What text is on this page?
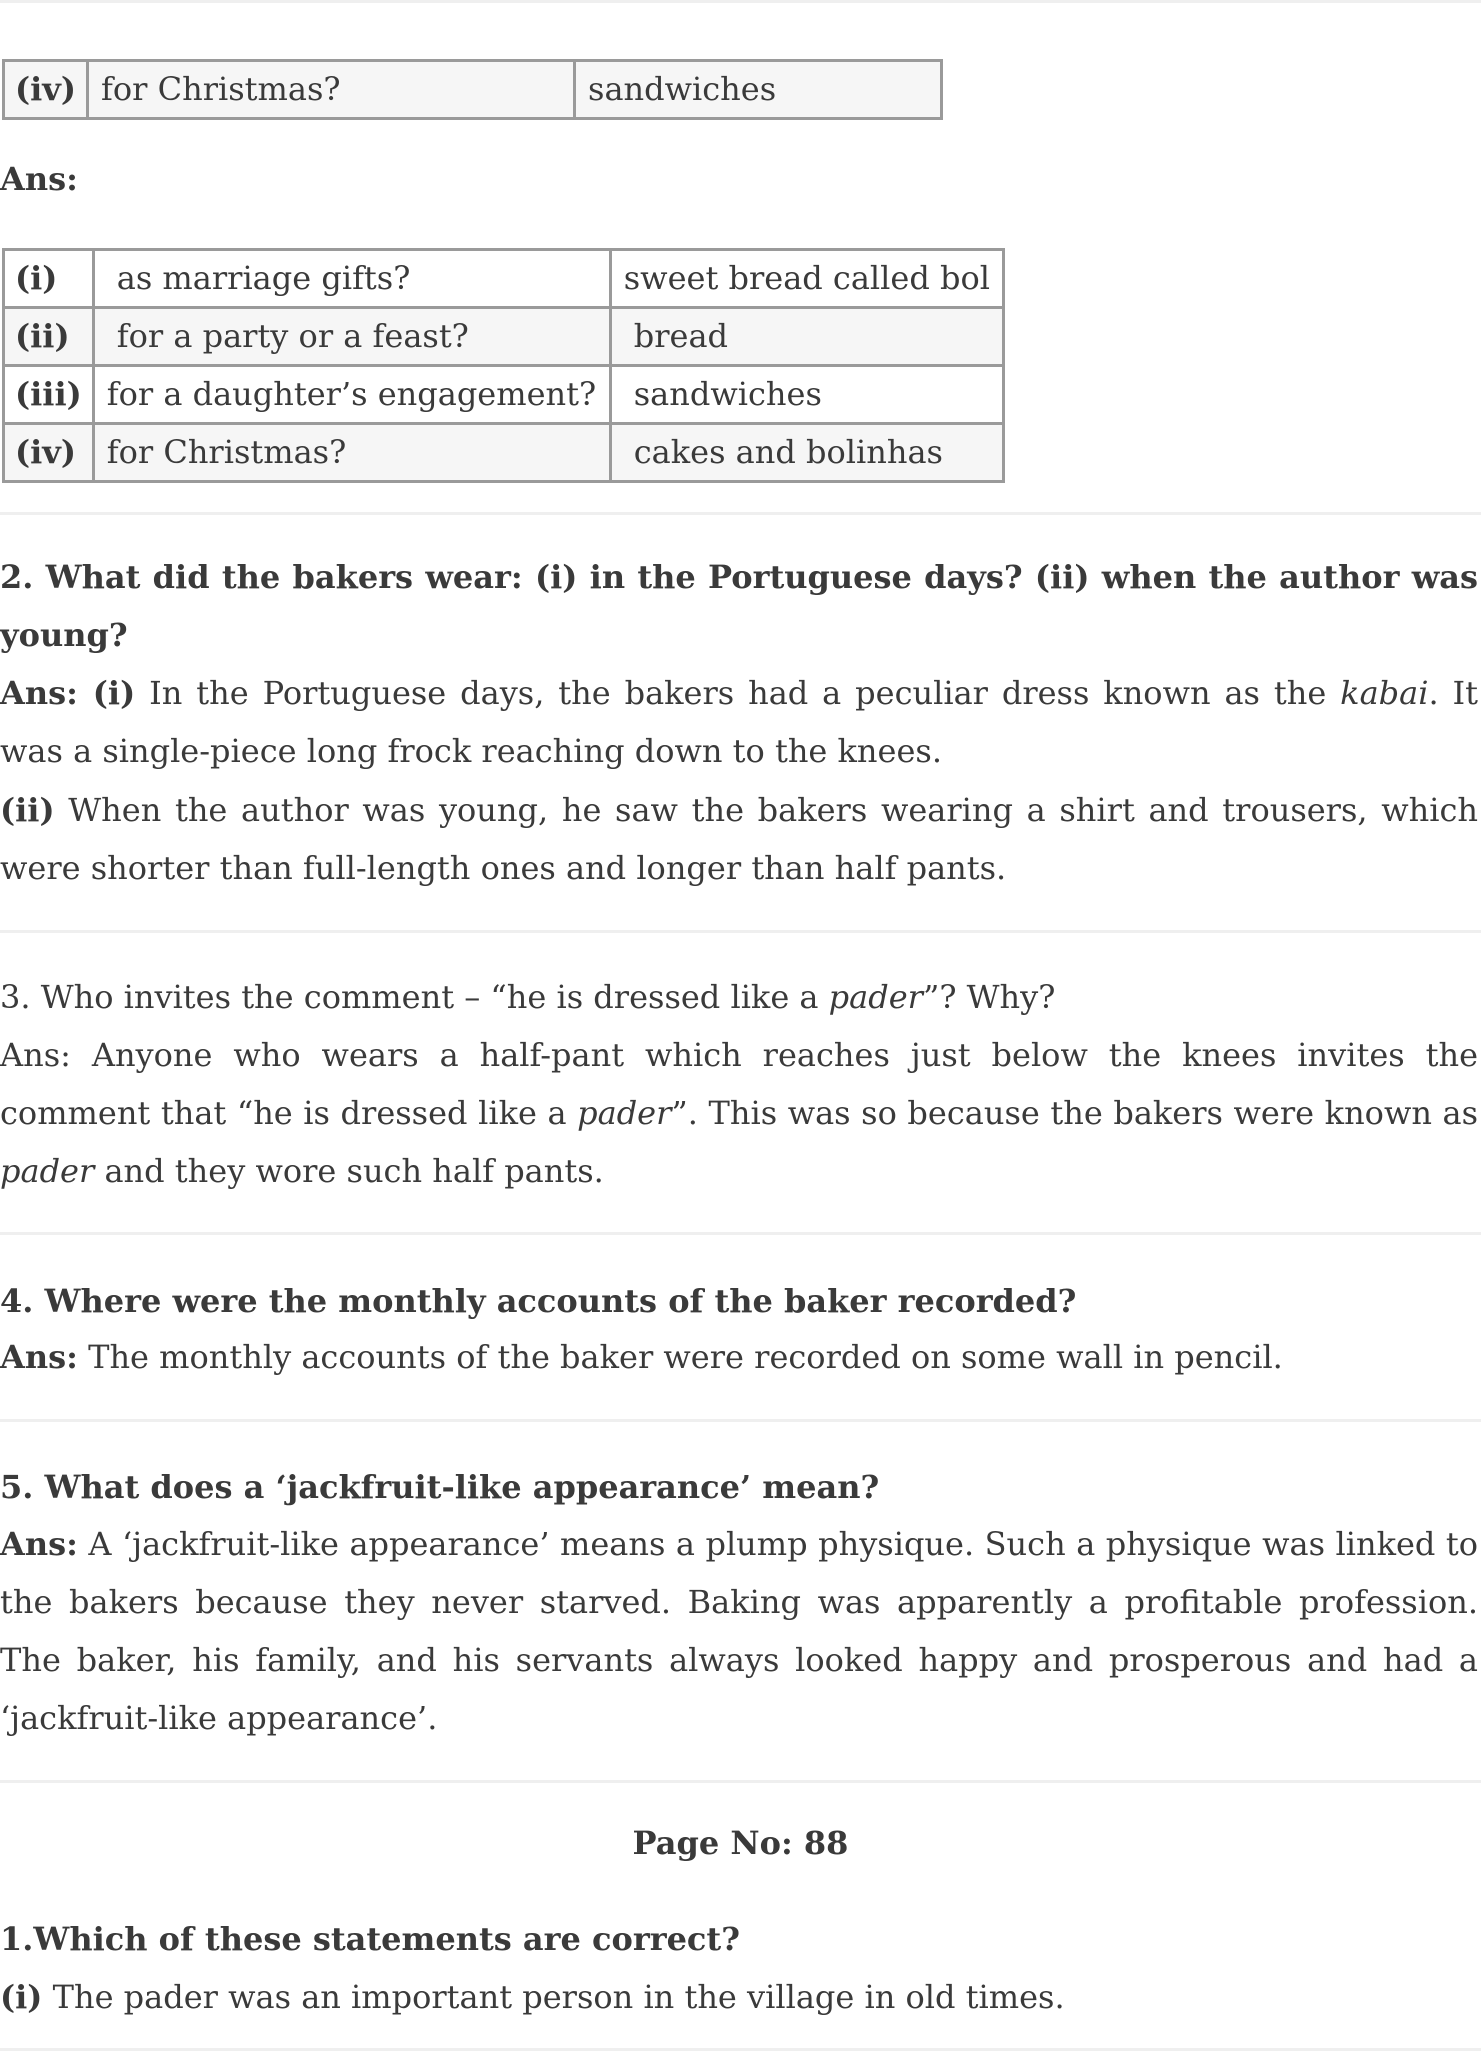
(iv)	for Christmas?	sandwiches
Ans:
(i)	as marriage gifts?	sweet bread called bol
(ii)	for a party or a feast?	bread
(iii)	for a daughter’s engagement?	sandwiches
(iv)	for Christmas?	cakes and bolinhas

2. What did the bakers wear: (i) in the Portuguese days? (ii) when the author was young?

Ans: (i) In the Portuguese days, the bakers had a peculiar dress known as the kabai. It was a single-piece long frock reaching down to the knees.

(ii) When the author was young, he saw the bakers wearing a shirt and trousers, which were shorter than full-length ones and longer than half pants.

3. Who invites the comment – “he is dressed like a pader”? Why?

Ans: Anyone who wears a half-pant which reaches just below the knees invites the comment that “he is dressed like a pader”. This was so because the bakers were known as pader and they wore such half pants.

4. Where were the monthly accounts of the baker recorded?

Ans: The monthly accounts of the baker were recorded on some wall in pencil.

5. What does a ‘jackfruit-like appearance’ mean?

Ans: A ‘jackfruit-like appearance’ means a plump physique. Such a physique was linked to the bakers because they never starved. Baking was apparently a profitable profession. The baker, his family, and his servants always looked happy and prosperous and had a ‘jackfruit-like appearance’.

Page No: 88

1.Which of these statements are correct?

(i) The pader was an important person in the village in old times.
